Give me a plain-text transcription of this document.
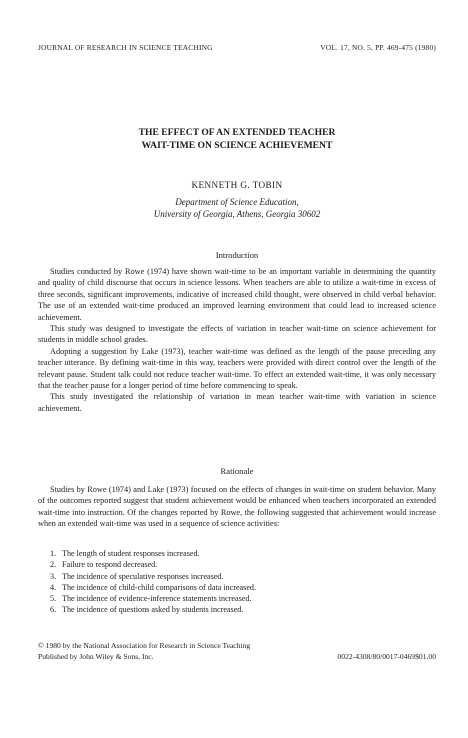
JOURNAL OF RESEARCH IN SCIENCE TEACHING	VOL. 17, NO. 5, PP. 469-475 (1980)
THE EFFECT OF AN EXTENDED TEACHER
WAIT-TIME ON SCIENCE ACHIEVEMENT
KENNETH G. TOBIN
Department of Science Education,
University of Georgia, Athens, Georgia 30602
Introduction

Studies conducted by Rowe (1974) have shown wait-time to be an important variable in determining the quantity and quality of child discourse that occurs in science lessons. When teachers are able to utilize a wait-time in excess of three seconds, significant improvements, indicative of increased child thought, were observed in child verbal behavior. The use of an extended wait-time produced an improved learning environment that could lead to increased science achievement.

This study was designed to investigate the effects of variation in teacher wait-time on science achievement for students in middle school grades.

Adopting a suggestion by Lake (1973), teacher wait-time was defined as the length of the pause preceding any teacher utterance. By defining wait-time in this way, teachers were provided with direct control over the length of the relevant pause. Student talk could not reduce teacher wait-time. To effect an extended wait-time, it was only necessary that the teacher pause for a longer period of time before commencing to speak.

This study investigated the relationship of variation in mean teacher wait-time with variation in science achievement.

Rationale

Studies by Rowe (1974) and Lake (1973) focused on the effects of changes in wait-time on student behavior. Many of the outcomes reported suggest that student achievement would be enhanced when teachers incorporated an extended wait-time into instruction. Of the changes reported by Rowe, the following suggested that achievement would increase when an extended wait-time was used in a sequence of science activities:

1. The length of student responses increased.
2. Failure to respond decreased.
3. The incidence of speculative responses increased.
4. The incidence of child-child comparisons of data increased.
5. The incidence of evidence-inference statements increased.
6. The incidence of questions asked by students increased.
© 1980 by the National Association for Research in Science Teaching
Published by John Wiley & Sons, Inc.	0022-4308/80/0017-0469$01.00
